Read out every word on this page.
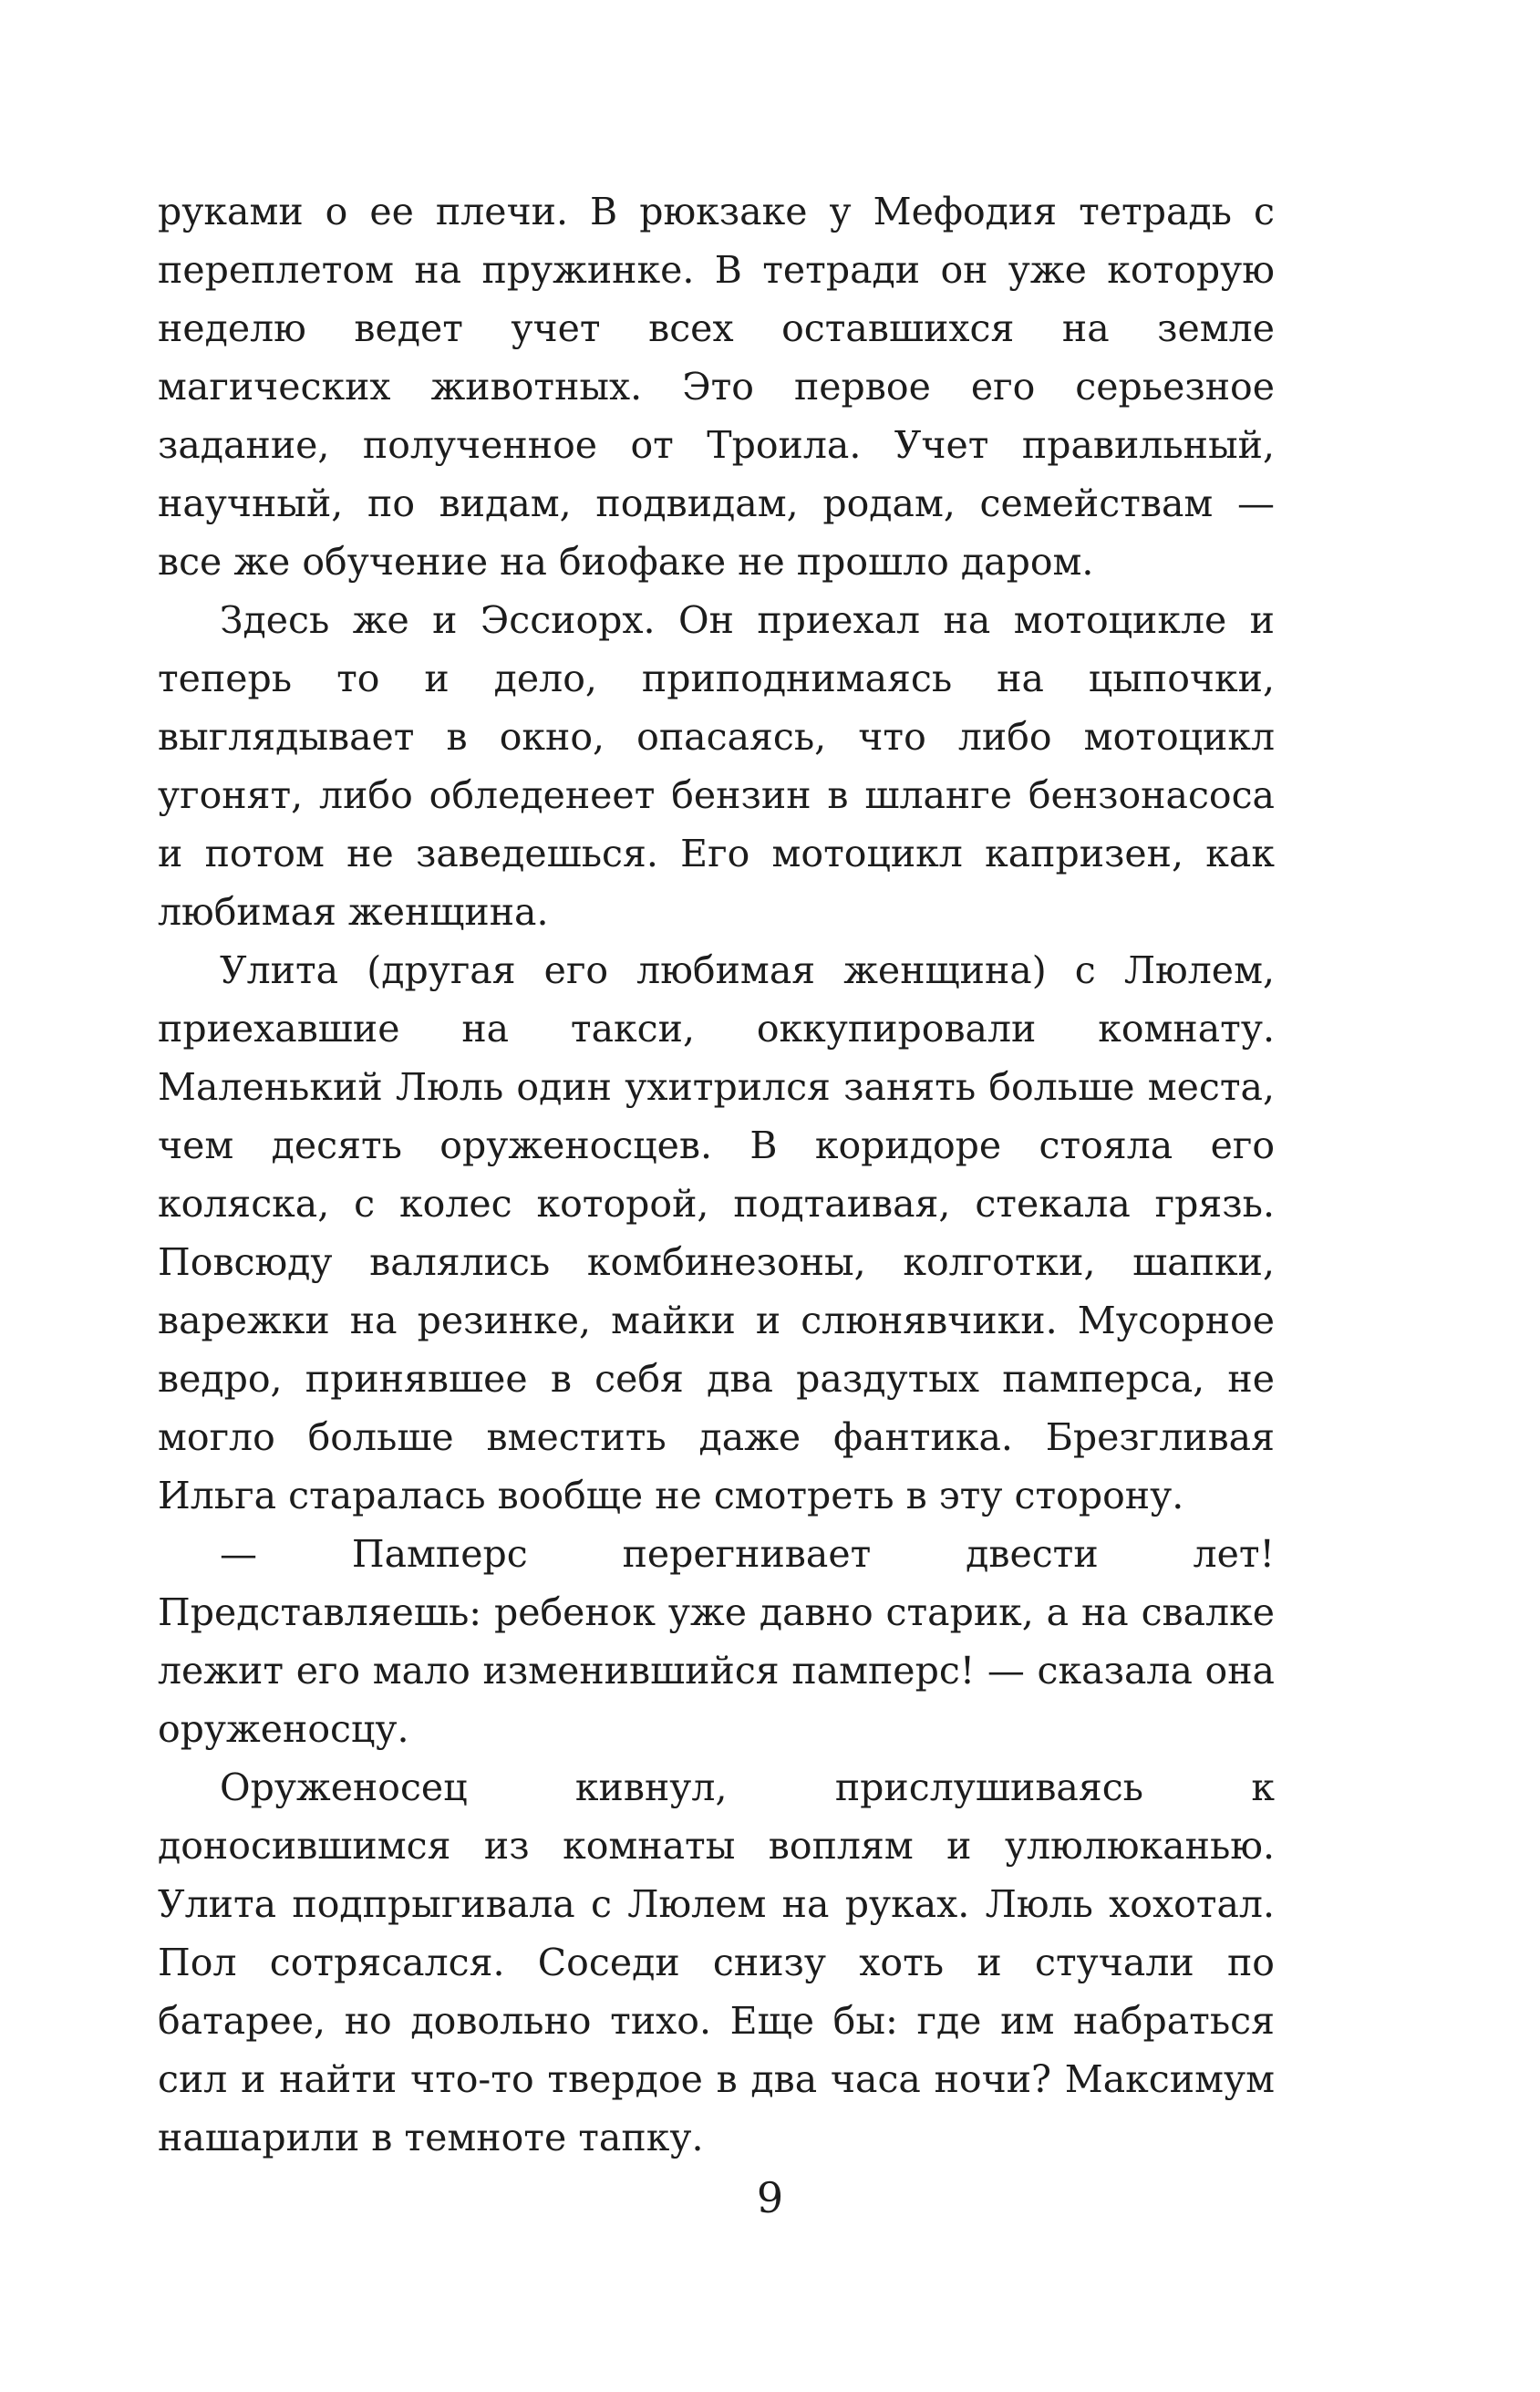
руками о ее плечи. В рюкзаке у Мефодия тетрадь с переплетом на пружинке. В тетради он уже которую неделю ведет учет всех оставшихся на земле магических животных. Это первое его серьезное задание, полученное от Троила. Учет правильный, научный, по видам, подвидам, родам, семействам — все же обучение на биофаке не прошло даром.

Здесь же и Эссиорх. Он приехал на мотоцикле и теперь то и дело, приподнимаясь на цыпочки, выглядывает в окно, опасаясь, что либо мотоцикл угонят, либо обледенеет бензин в шланге бензонасоса и потом не заведешься. Его мотоцикл капризен, как любимая женщина.

Улита (другая его любимая женщина) с Люлем, приехавшие на такси, оккупировали комнату. Маленький Люль один ухитрился занять больше места, чем десять оруженосцев. В коридоре стояла его коляска, с колес которой, подтаивая, стекала грязь. Повсюду валялись комбинезоны, колготки, шапки, варежки на резинке, майки и слюнявчики. Мусорное ведро, принявшее в себя два раздутых памперса, не могло больше вместить даже фантика. Брезгливая Ильга старалась вообще не смотреть в эту сторону.

— Памперс перегнивает двести лет! Представляешь: ребенок уже давно старик, а на свалке лежит его мало изменившийся памперс! — сказала она оруженосцу.

Оруженосец кивнул, прислушиваясь к доносившимся из комнаты воплям и улюлюканью. Улита подпрыгивала с Люлем на руках. Люль хохотал. Пол сотрясался. Соседи снизу хоть и стучали по батарее, но довольно тихо. Еще бы: где им набраться сил и найти что-то твердое в два часа ночи? Максимум нашарили в темноте тапку.

9
